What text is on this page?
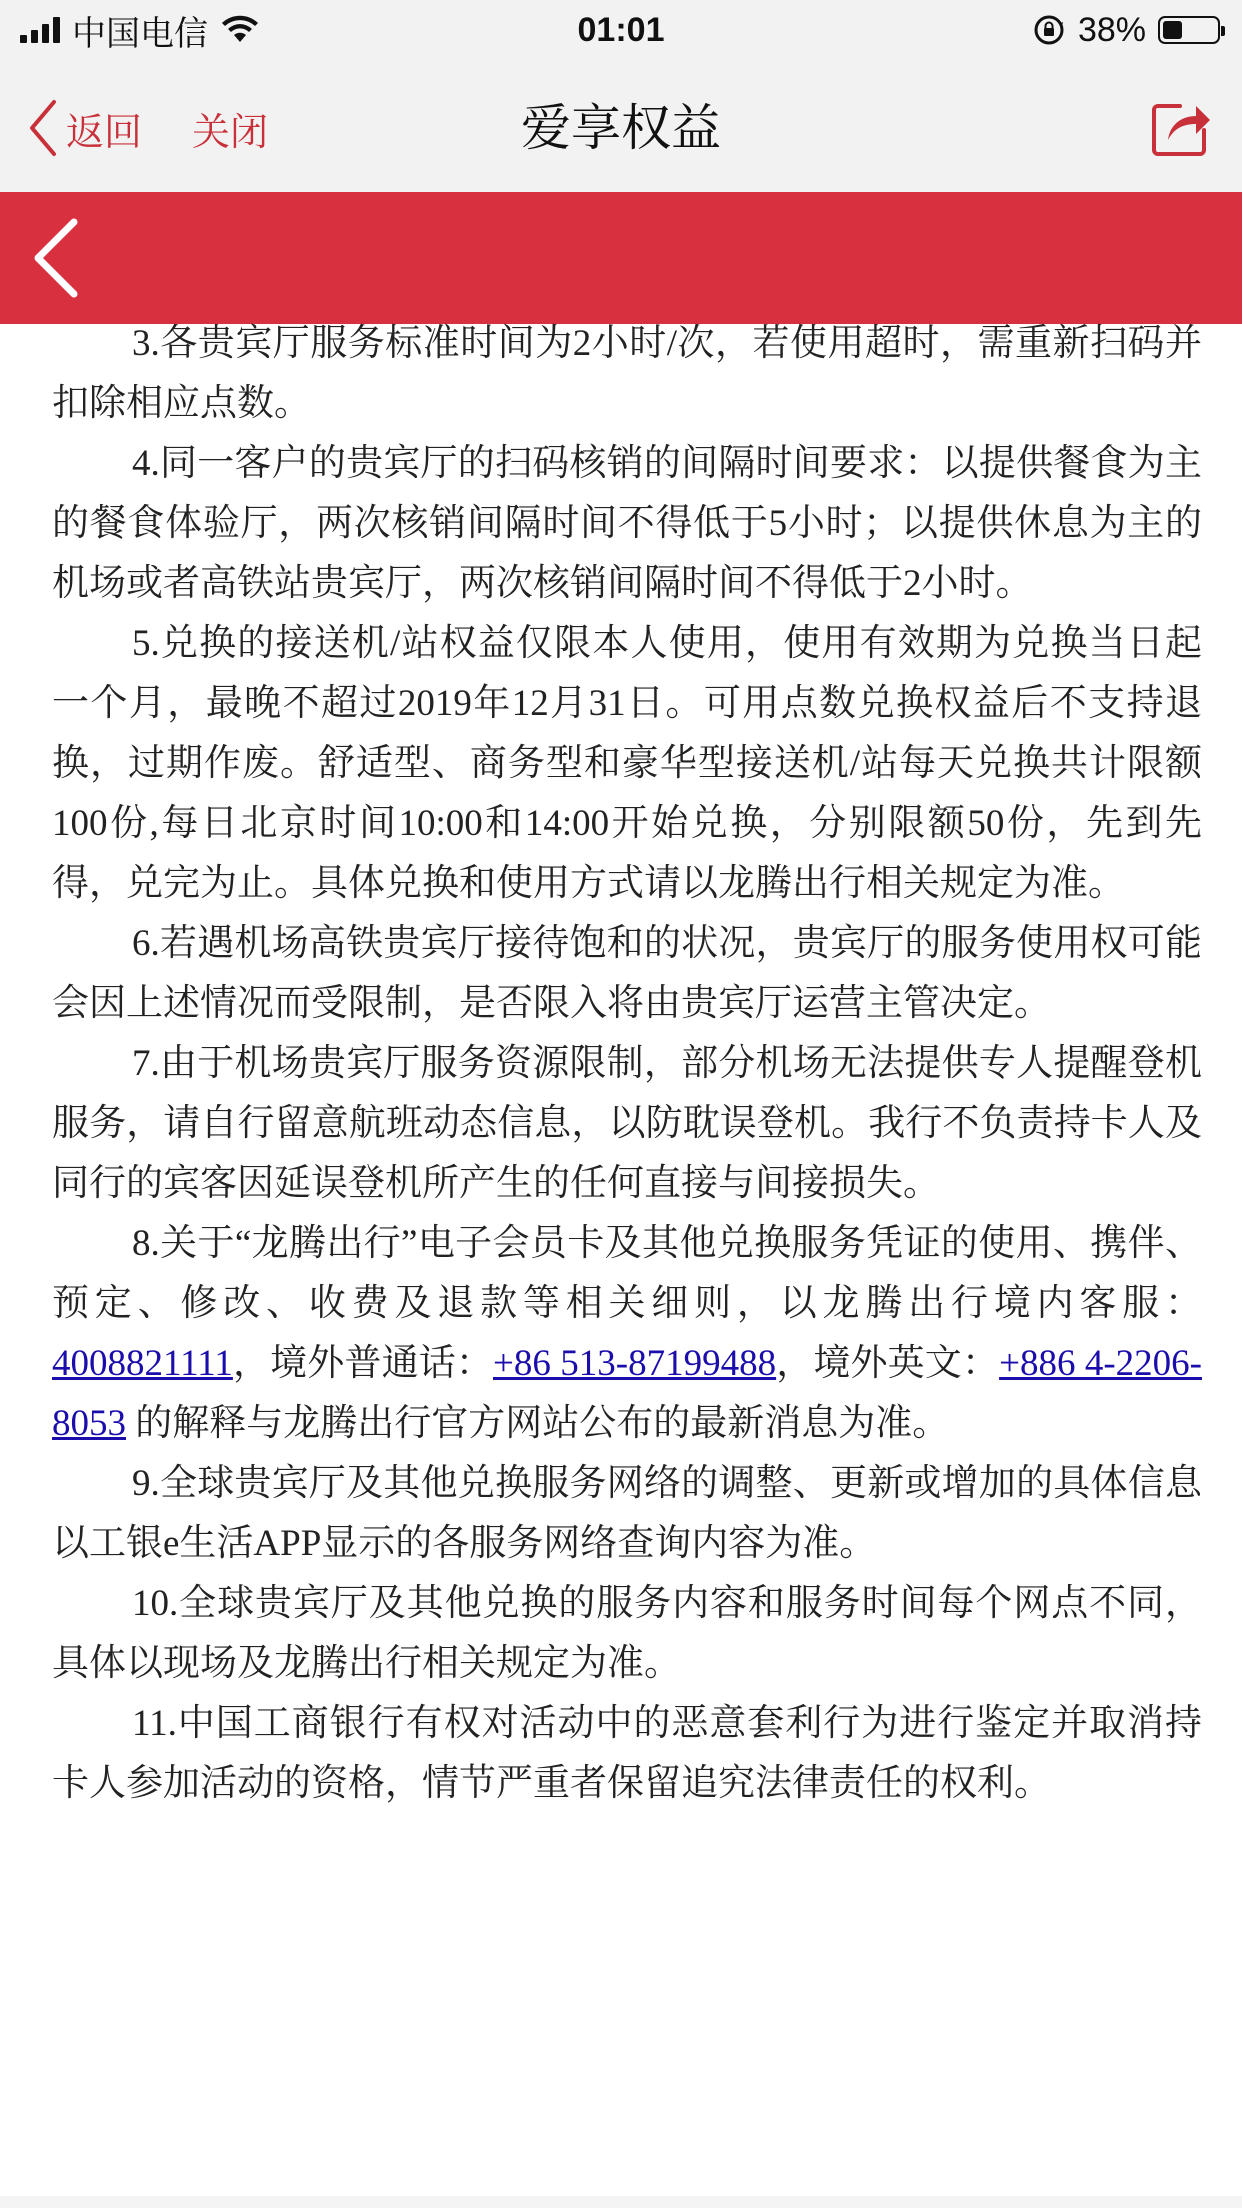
中国电信	01:01	38%
返回 关闭	爱享权益

3.各贵宾厅服务标准时间为2小时/次，若使用超时，需重新扫码并扣除相应点数。

4.同一客户的贵宾厅的扫码核销的间隔时间要求：以提供餐食为主的餐食体验厅，两次核销间隔时间不得低于5小时；以提供休息为主的机场或者高铁站贵宾厅，两次核销间隔时间不得低于2小时。

5.兑换的接送机/站权益仅限本人使用，使用有效期为兑换当日起一个月，最晚不超过2019年12月31日。可用点数兑换权益后不支持退换，过期作废。舒适型、商务型和豪华型接送机/站每天兑换共计限额100份,每日北京时间10:00和14:00开始兑换，分别限额50份，先到先得，兑完为止。具体兑换和使用方式请以龙腾出行相关规定为准。

6.若遇机场高铁贵宾厅接待饱和的状况，贵宾厅的服务使用权可能会因上述情况而受限制，是否限入将由贵宾厅运营主管决定。

7.由于机场贵宾厅服务资源限制，部分机场无法提供专人提醒登机服务，请自行留意航班动态信息，以防耽误登机。我行不负责持卡人及同行的宾客因延误登机所产生的任何直接与间接损失。

8.关于“龙腾出行”电子会员卡及其他兑换服务凭证的使用、携伴、预定、修改、收费及退款等相关细则，以龙腾出行境内客服：4008821111，境外普通话：+86 513-87199488，境外英文：+886 4-2206-8053 的解释与龙腾出行官方网站公布的最新消息为准。

9.全球贵宾厅及其他兑换服务网络的调整、更新或增加的具体信息以工银e生活APP显示的各服务网络查询内容为准。

10.全球贵宾厅及其他兑换的服务内容和服务时间每个网点不同，具体以现场及龙腾出行相关规定为准。

11.中国工商银行有权对活动中的恶意套利行为进行鉴定并取消持卡人参加活动的资格，情节严重者保留追究法律责任的权利。
